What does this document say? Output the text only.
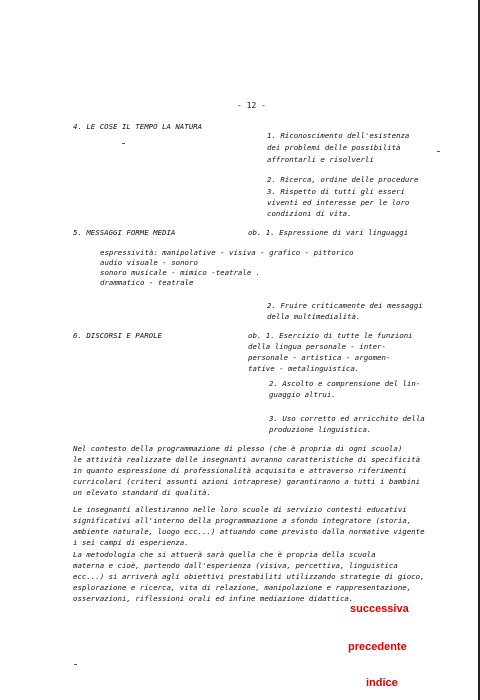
- 12 -
4. LE COSE IL TEMPO LA NATURA
1. Riconoscimento dell'esistenza
dei problemi delle possibilità
affrontarli e risolverli
2. Ricerca, ordine delle procedure
3. Rispetto di tutti gli esseri
viventi ed interesse per le loro
condizioni di vita.
5. MESSAGGI FORME MEDIA	ob. 1. Espressione di vari linguaggi
espressività: manipolative - visiva - grafico - pittorico
audio visuale - sonoro
sonoro musicale - mimico -teatrale .
drammatico - teatrale
2. Fruire criticamente dei messaggi
della multimedialità.
6. DISCORSI E PAROLE	ob. 1. Esercizio di tutte le funzioni
della lingua personale - inter-
personale - artistica - argomen-
tative - metalinguistica.
2. Ascolto e comprensione del lin-
guaggio altrui.
3. Uso corretto ed arricchito della
produzione linguistica.
Nel contesto della programmazione di plesso (che è propria di ogni scuola)
le attività realizzate dalle insegnanti avranno caratteristiche di specificità
in quanto espressione di professionalità acquisita e attraverso riferimenti
curricolari (criteri assunti azioni intraprese) garantiranno a tutti i bambini
un elevato standard di qualità.
Le insegnanti allestiranno nelle loro scuole di servizio contesti educativi
significativi all'interno della programmazione a sfondo integratore (storia,
ambiente naturale, luogo ecc...) attuando come previsto dalla normative vigente
i sei campi di esperienza.
La metodologia che si attuerà sarà quella che è propria della scuola
materna e cioè, partendo dall'esperienza (visiva, percettiva, linguistica
ecc...) si arriverà agli obiettivi prestabiliti utilizzando strategie di gioco,
esplorazione e ricerca, vita di relazione, manipolazione e rappresentazione,
osservazioni, riflessioni orali ed infine mediazione didattica.
successiva
precedente
indice
